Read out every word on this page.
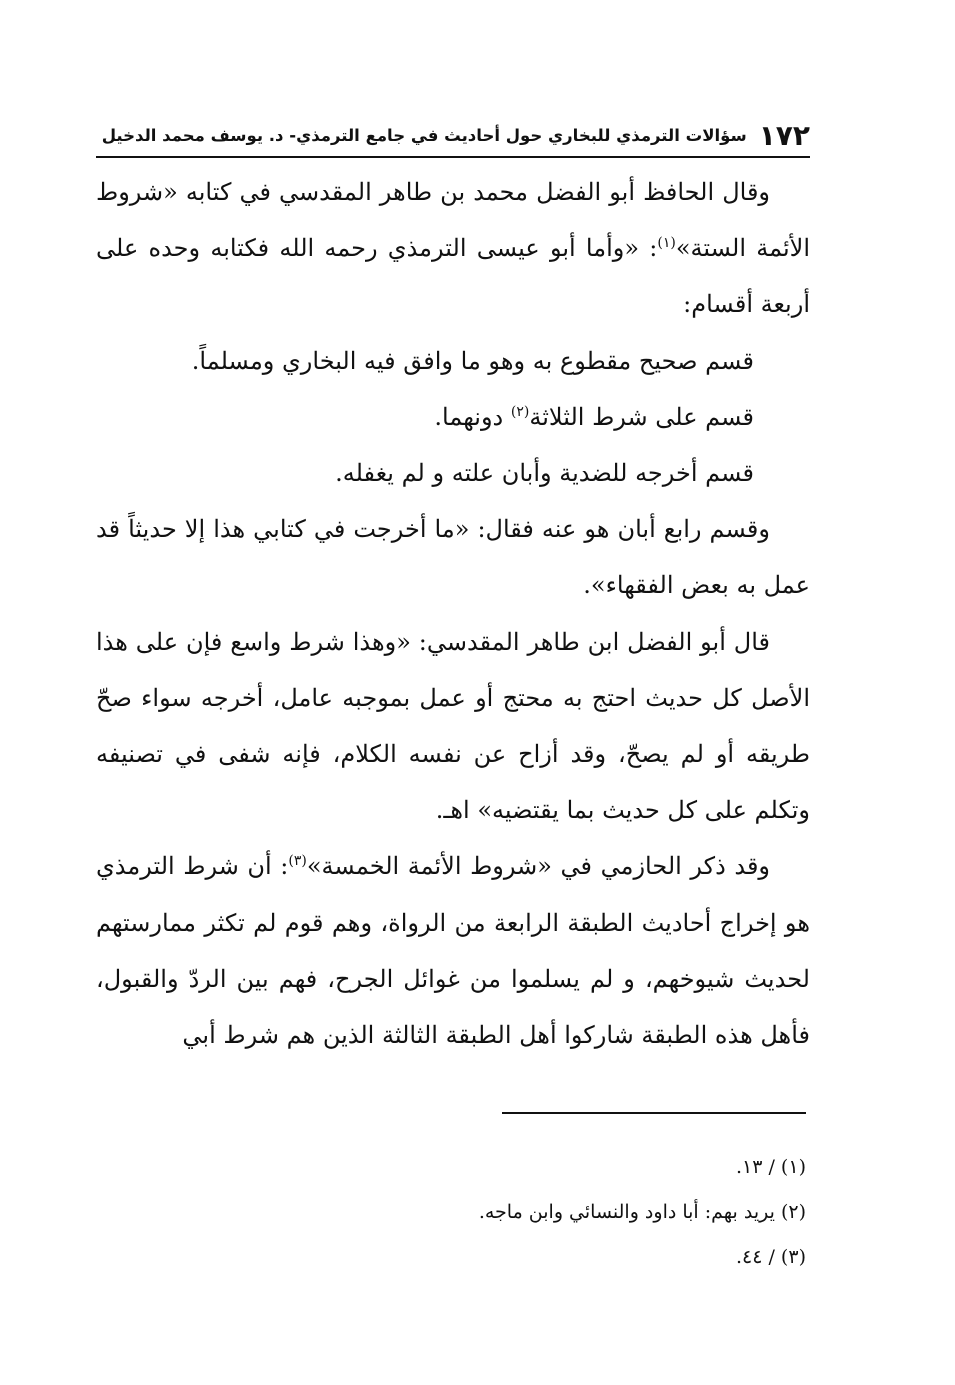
١٧٢
سؤالات الترمذي للبخاري حول أحاديث في جامع الترمذي- د. يوسف محمد الدخيل

وقال الحافظ أبو الفضل محمد بن طاهر المقدسي في كتابه «شروط الأئمة الستة»$^{(١)}$: «وأما أبو عيسى الترمذي رحمه الله فكتابه وحده على أربعة أقسام:

قسم صحيح مقطوع به وهو ما وافق فيه البخاري ومسلماً.

قسم على شرط الثلاثة$^{(٢)}$ دونهما.

قسم أخرجه للضدية وأبان علته و لم يغفله.

وقسم رابع أبان هو عنه فقال: «ما أخرجت في كتابي هذا إلا حديثاً قد عمل به بعض الفقهاء».

قال أبو الفضل ابن طاهر المقدسي: «وهذا شرط واسع فإن على هذا الأصل كل حديث احتج به محتج أو عمل بموجبه عامل، أخرجه سواء صحّ طريقه أو لم يصحّ، وقد أزاح عن نفسه الكلام، فإنه شفى في تصنيفه وتكلم على كل حديث بما يقتضيه» اهـ.

وقد ذكر الحازمي في «شروط الأئمة الخمسة»$^{(٣)}$: أن شرط الترمذي هو إخراج أحاديث الطبقة الرابعة من الرواة، وهم قوم لم تكثر ممارستهم لحديث شيوخهم، و لم يسلموا من غوائل الجرح، فهم بين الردّ والقبول، فأهل هذه الطبقة شاركوا أهل الطبقة الثالثة الذين هم شرط أبي

(١) / ١٣.
(٢) يريد بهم: أبا داود والنسائي وابن ماجه.
(٣) / ٤٤.
